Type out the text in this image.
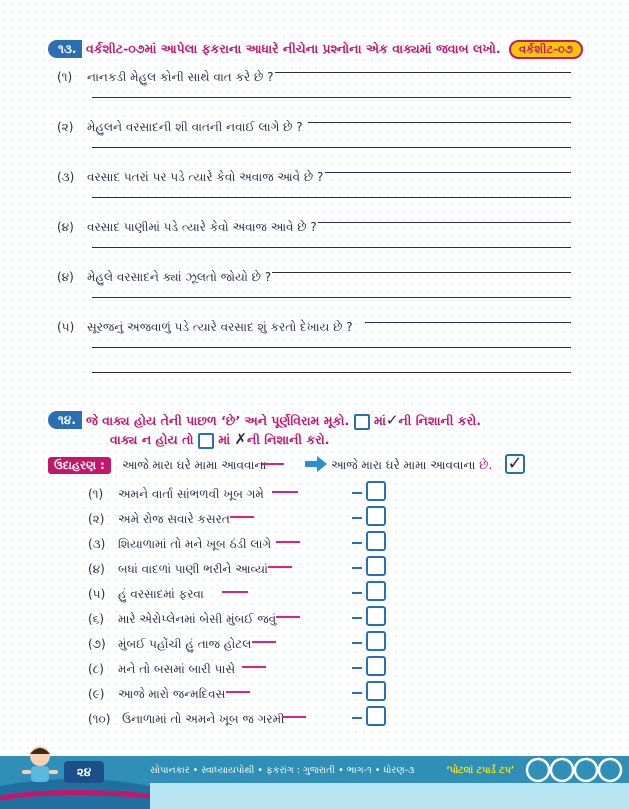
૧૩. વર્કશીટ-૦૭માં આપેલા ફકરાના આધારે નીચેના પ્રશ્નોના એક વાક્યમાં જવાબ લખો.	વર્કશીટ-૦૭
(૧) નાનકડી મેહુલ કોની સાથે વાત કરે છે ?
(૨) મેહુલને વરસાદની શી વાતની નવાઈ લાગે છે ?
(૩) વરસાદ પતરાં પર પડે ત્યારે કેવો અવાજ આવે છે ?
(૪) વરસાદ પાણીમાં પડે ત્યારે કેવો અવાજ આવે છે ?
(૪) મેહુલે વરસાદને ક્યાં ઝૂલતો જોયો છે ?
(૫) સૂરજનું અજવાળું પડે ત્યારે વરસાદ શું કરતો દેખાય છે ?
૧૪. જે વાક્ય હોય તેની પાછળ ‘છે’ અને પૂર્ણવિરામ મૂકો. માં✓ની નિશાની કરો.
વાક્ય ન હોય તો માં ✗ની નિશાની કરો.
ઉદાહરણ :	આજે મારા ઘરે મામા આવવાના	આજે મારા ઘરે મામા આવવાના છે. ✓
(૧) અમને વાર્તા સાંભળવી ખૂબ ગમે
(૨) અમે રોજ સવારે કસરત
(૩) શિયાળામાં તો મને ખૂબ ઠંડી લાગે
(૪) બધાં વાદળાં પાણી ભરીને આવ્યાં
(૫) હું વરસાદમાં ફરવા
(૬) મારે એરોપ્લેનમાં બેસી મુંબઈ જવું
(૭) મુંબઈ પહોંચી હું તાજ હોટલ
(૮) મને તો બસમાં બારી પાસે
(૯) આજે મારો જન્મદિવસ
(૧૦) ઉનાળામાં તો અમને ખૂબ જ ગરમી
૨૪	સોપાનકાર • સ્વાધ્યાયપોથી • ફકરાંગ : ગુજરાતી • ભાગ-૧ • ધોરણ-૩	‘પોટલાં ટપાર્ડ ટપ’
